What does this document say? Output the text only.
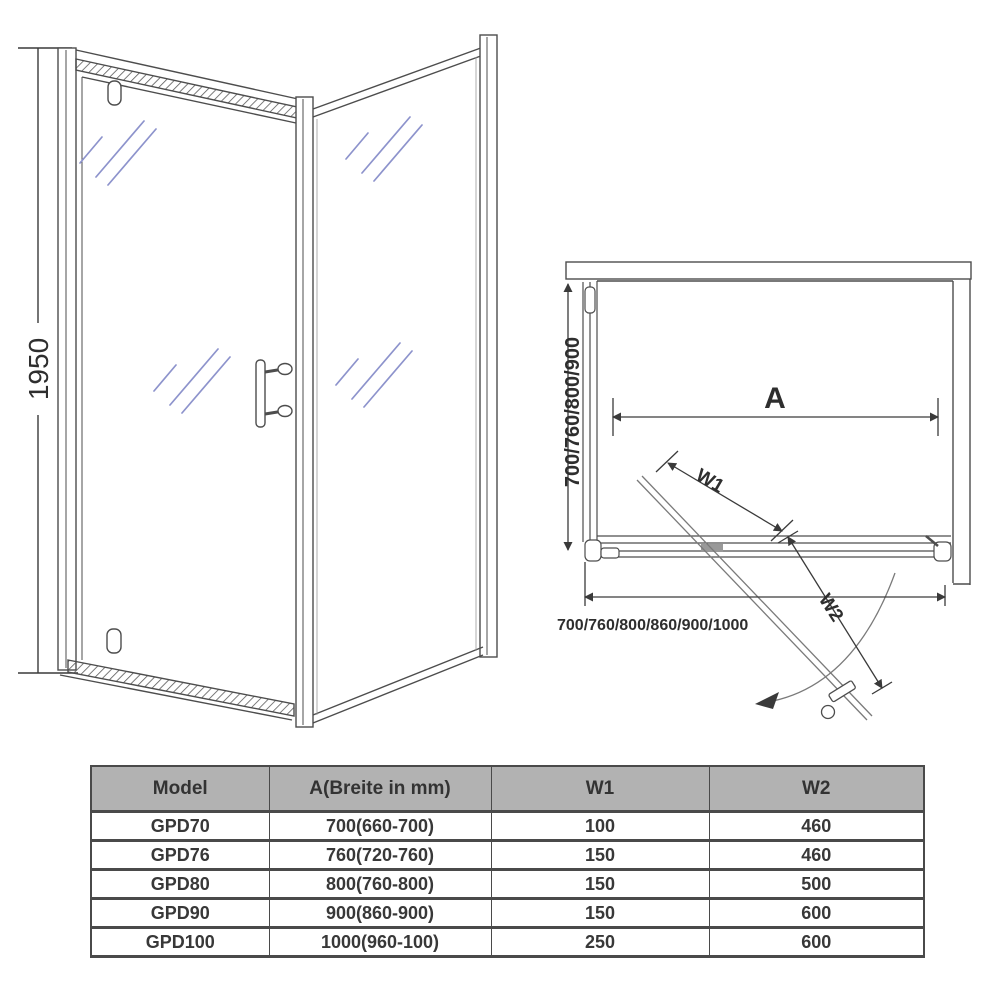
1950	A
700/760/800/900
700/760/800/860/900/1000
W1
W2
Model	A(Breite in mm)	W1	W2
GPD70	700(660-700)	100	460
GPD76	760(720-760)	150	460
GPD80	800(760-800)	150	500
GPD90	900(860-900)	150	600
GPD100	1000(960-100)	250	600
